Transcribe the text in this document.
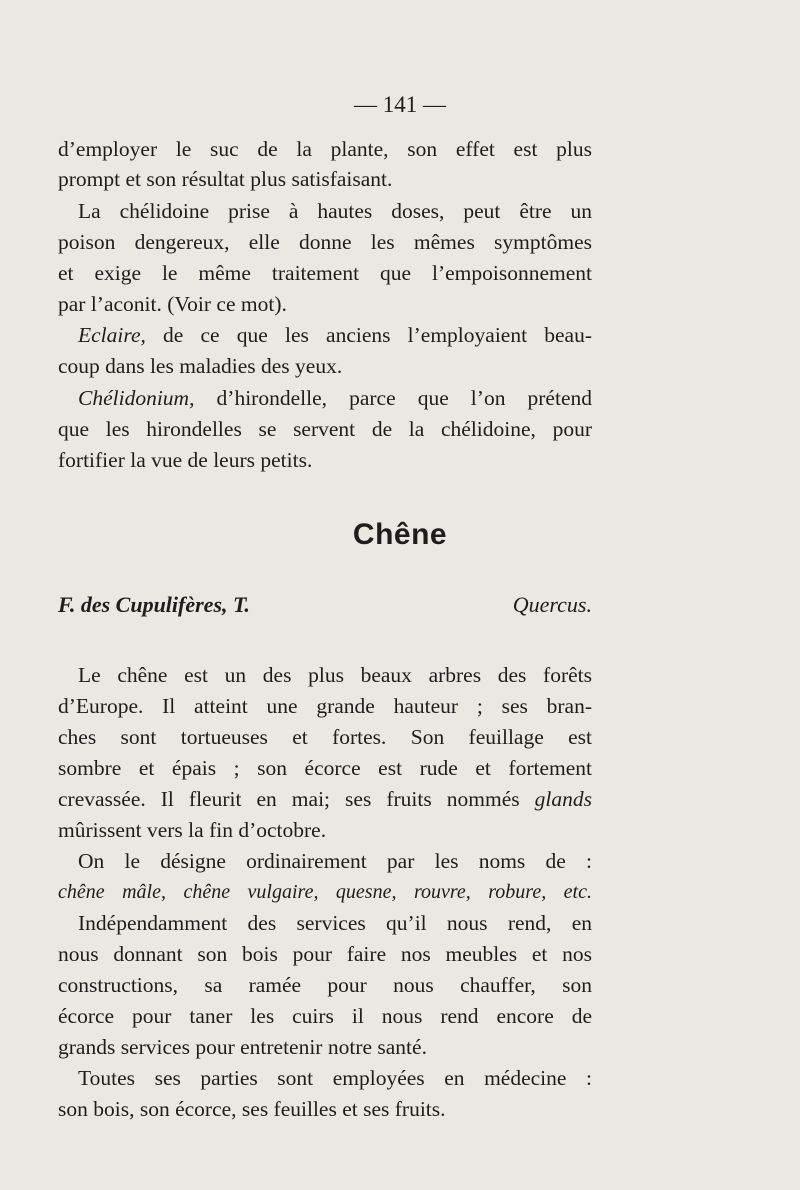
— 141 —
d’employer le suc de la plante, son effet est plus
prompt et son résultat plus satisfaisant.
La chélidoine prise à hautes doses, peut être un
poison dengereux, elle donne les mêmes symptômes
et exige le même traitement que l’empoisonnement
par l’aconit. (Voir ce mot).
Eclaire, de ce que les anciens l’employaient beau-
coup dans les maladies des yeux.
Chélidonium, d’hirondelle, parce que l’on prétend
que les hirondelles se servent de la chélidoine, pour
fortifier la vue de leurs petits.
Chêne
F. des Cupulifères, T.	Quercus.
Le chêne est un des plus beaux arbres des forêts
d’Europe. Il atteint une grande hauteur ; ses bran-
ches sont tortueuses et fortes. Son feuillage est
sombre et épais ; son écorce est rude et fortement
crevassée. Il fleurit en mai; ses fruits nommés glands
mûrissent vers la fin d’octobre.
On le désigne ordinairement par les noms de :
chêne mâle, chêne vulgaire, quesne, rouvre, robure, etc.
Indépendamment des services qu’il nous rend, en
nous donnant son bois pour faire nos meubles et nos
constructions, sa ramée pour nous chauffer, son
écorce pour taner les cuirs il nous rend encore de
grands services pour entretenir notre santé.
Toutes ses parties sont employées en médecine :
son bois, son écorce, ses feuilles et ses fruits.
